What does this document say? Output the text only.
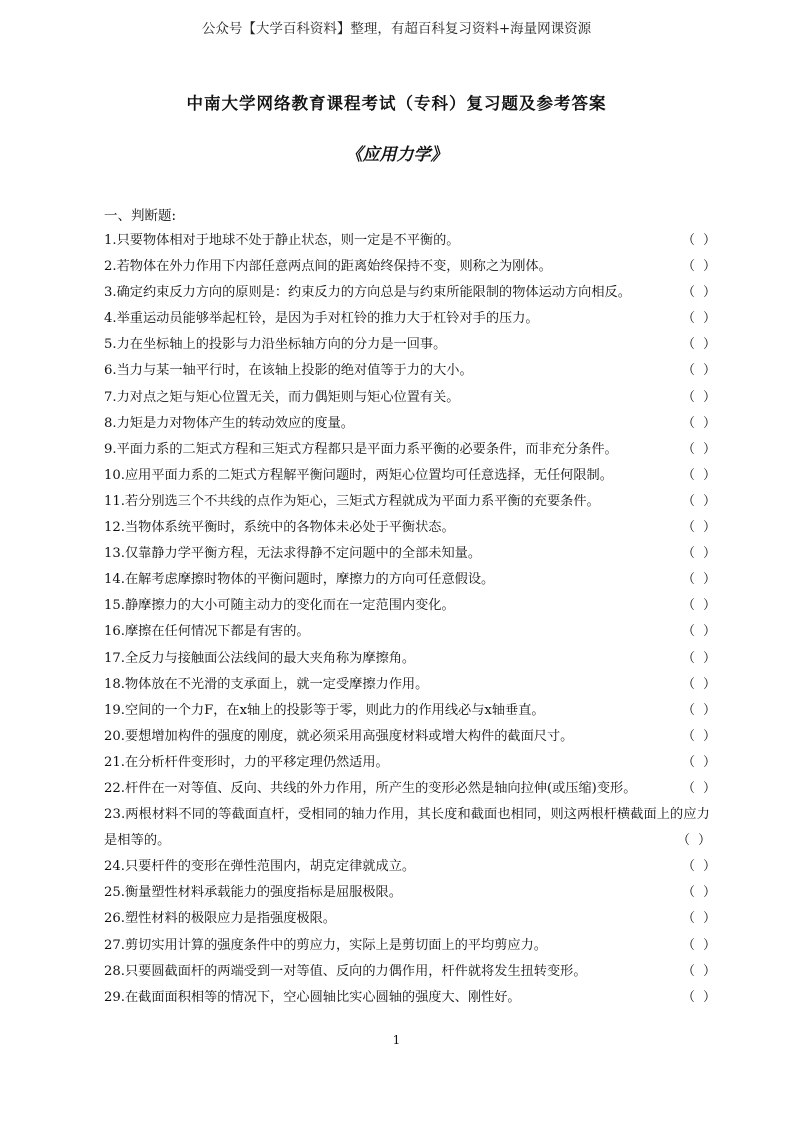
公众号【大学百科资料】整理，有超百科复习资料+海量网课资源
中南大学网络教育课程考试（专科）复习题及参考答案
《应用力学》
一、判断题:
1.只要物体相对于地球不处于静止状态，则一定是不平衡的。	（ ）
2.若物体在外力作用下内部任意两点间的距离始终保持不变，则称之为刚体。	（ ）
3.确定约束反力方向的原则是：约束反力的方向总是与约束所能限制的物体运动方向相反。	（ ）
4.举重运动员能够举起杠铃，是因为手对杠铃的推力大于杠铃对手的压力。	（ ）
5.力在坐标轴上的投影与力沿坐标轴方向的分力是一回事。	（ ）
6.当力与某一轴平行时，在该轴上投影的绝对值等于力的大小。	（ ）
7.力对点之矩与矩心位置无关，而力偶矩则与矩心位置有关。	（ ）
8.力矩是力对物体产生的转动效应的度量。	（ ）
9.平面力系的二矩式方程和三矩式方程都只是平面力系平衡的必要条件，而非充分条件。	（ ）
10.应用平面力系的二矩式方程解平衡问题时，两矩心位置均可任意选择，无任何限制。	（ ）
11.若分别选三个不共线的点作为矩心，三矩式方程就成为平面力系平衡的充要条件。	（ ）
12.当物体系统平衡时，系统中的各物体未必处于平衡状态。	（ ）
13.仅靠静力学平衡方程，无法求得静不定问题中的全部未知量。	（ ）
14.在解考虑摩擦时物体的平衡问题时，摩擦力的方向可任意假设。	（ ）
15.静摩擦力的大小可随主动力的变化而在一定范围内变化。	（ ）
16.摩擦在任何情况下都是有害的。	（ ）
17.全反力与接触面公法线间的最大夹角称为摩擦角。	（ ）
18.物体放在不光滑的支承面上，就一定受摩擦力作用。	（ ）
19.空间的一个力F，在x轴上的投影等于零，则此力的作用线必与x轴垂直。	（ ）
20.要想增加构件的强度的刚度，就必须采用高强度材料或增大构件的截面尺寸。	（ ）
21.在分析杆件变形时，力的平移定理仍然适用。	（ ）
22.杆件在一对等值、反向、共线的外力作用，所产生的变形必然是轴向拉伸(或压缩)变形。	（ ）
23.两根材料不同的等截面直杆，受相同的轴力作用，其长度和截面也相同，则这两根杆横截面上的应力是相等的。	（ ）
24.只要杆件的变形在弹性范围内，胡克定律就成立。	（ ）
25.衡量塑性材料承载能力的强度指标是屈服极限。	（ ）
26.塑性材料的极限应力是指强度极限。	（ ）
27.剪切实用计算的强度条件中的剪应力，实际上是剪切面上的平均剪应力。	（ ）
28.只要圆截面杆的两端受到一对等值、反向的力偶作用，杆件就将发生扭转变形。	（ ）
29.在截面面积相等的情况下，空心圆轴比实心圆轴的强度大、刚性好。	（ ）
1
